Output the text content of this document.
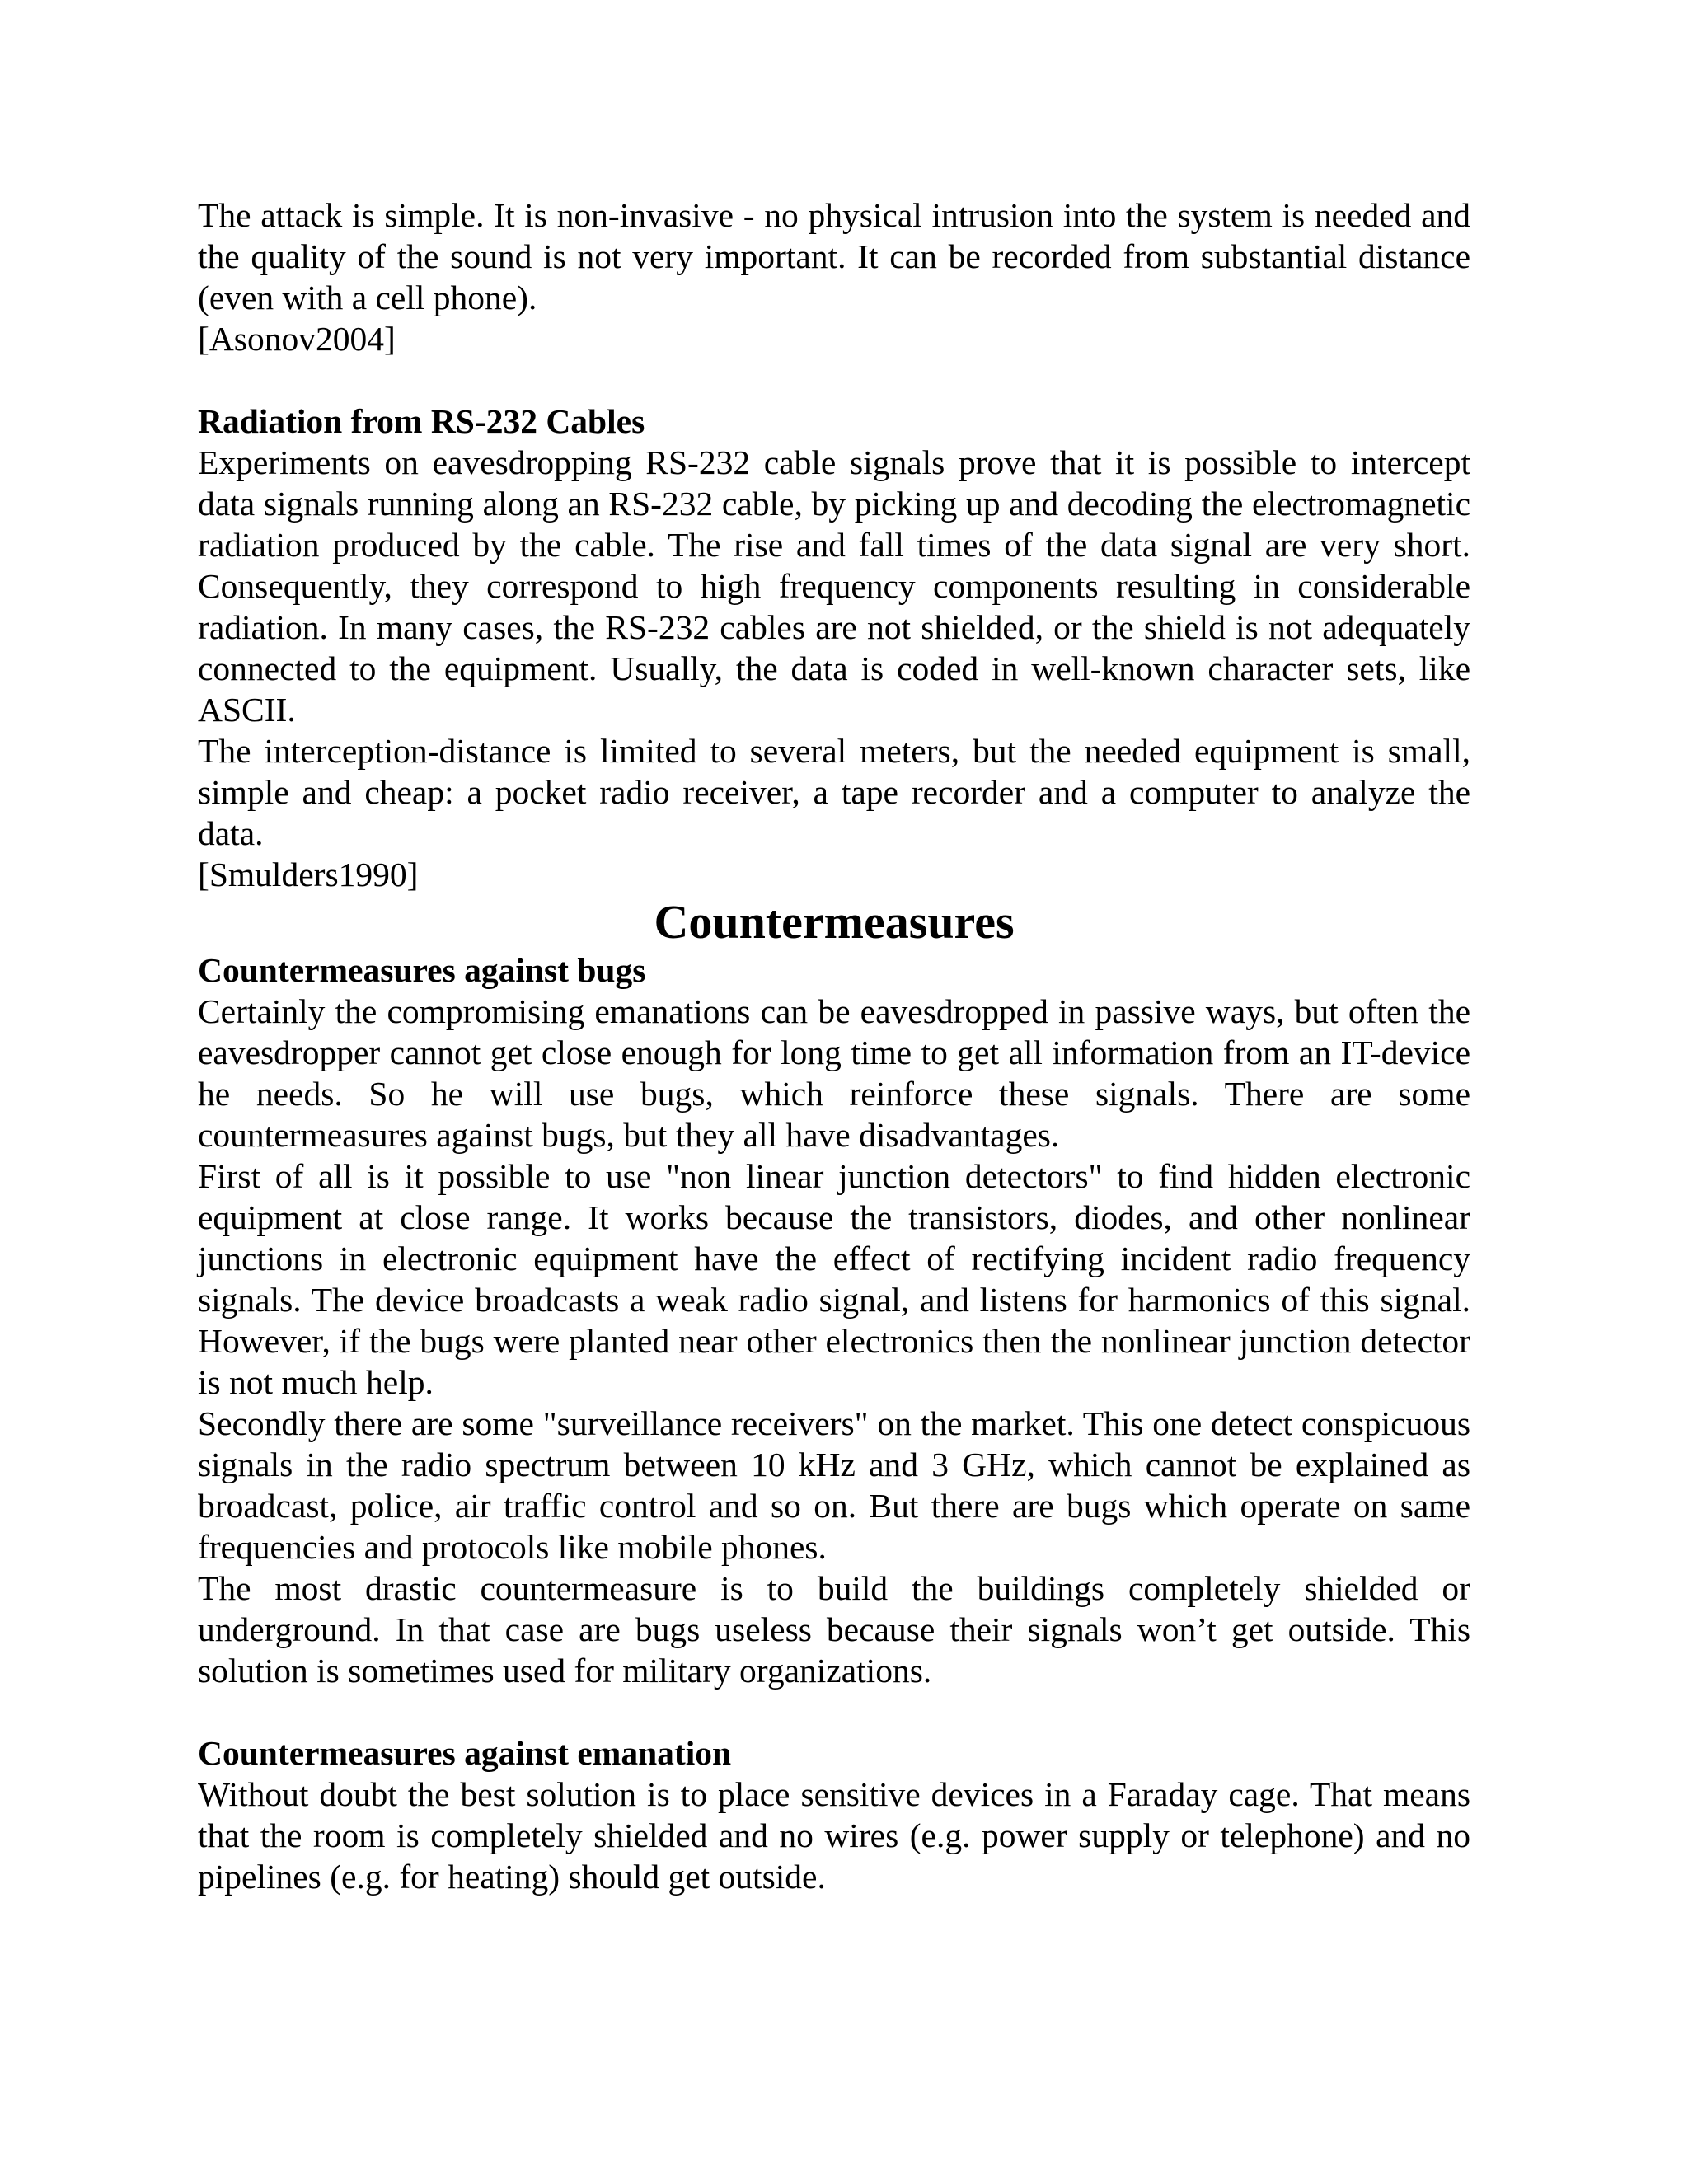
The attack is simple. It is non-invasive - no physical intrusion into the system is needed and the quality of the sound is not very important. It can be recorded from substantial distance (even with a cell phone).

[Asonov2004]

Radiation from RS-232 Cables

Experiments on eavesdropping RS-232 cable signals prove that it is possible to intercept data signals running along an RS-232 cable, by picking up and decoding the electromagnetic radiation produced by the cable. The rise and fall times of the data signal are very short. Consequently, they correspond to high frequency components resulting in considerable radiation. In many cases, the RS-232 cables are not shielded, or the shield is not adequately connected to the equipment. Usually, the data is coded in well-known character sets, like ASCII.

The interception-distance is limited to several meters, but the needed equipment is small, simple and cheap: a pocket radio receiver, a tape recorder and a computer to analyze the data.

[Smulders1990]

Countermeasures
Countermeasures against bugs

Certainly the compromising emanations can be eavesdropped in passive ways, but often the eavesdropper cannot get close enough for long time to get all information from an IT-device he needs. So he will use bugs, which reinforce these signals. There are some countermeasures against bugs, but they all have disadvantages.

First of all is it possible to use "non linear junction detectors" to find hidden electronic equipment at close range. It works because the transistors, diodes, and other nonlinear junctions in electronic equipment have the effect of rectifying incident radio frequency signals. The device broadcasts a weak radio signal, and listens for harmonics of this signal. However, if the bugs were planted near other electronics then the nonlinear junction detector is not much help.

Secondly there are some "surveillance receivers" on the market. This one detect conspicuous signals in the radio spectrum between 10 kHz and 3 GHz, which cannot be explained as broadcast, police, air traffic control and so on. But there are bugs which operate on same frequencies and protocols like mobile phones.

The most drastic countermeasure is to build the buildings completely shielded or underground. In that case are bugs useless because their signals won’t get outside. This solution is sometimes used for military organizations.

Countermeasures against emanation

Without doubt the best solution is to place sensitive devices in a Faraday cage. That means that the room is completely shielded and no wires (e.g. power supply or telephone) and no pipelines (e.g. for heating) should get outside.
